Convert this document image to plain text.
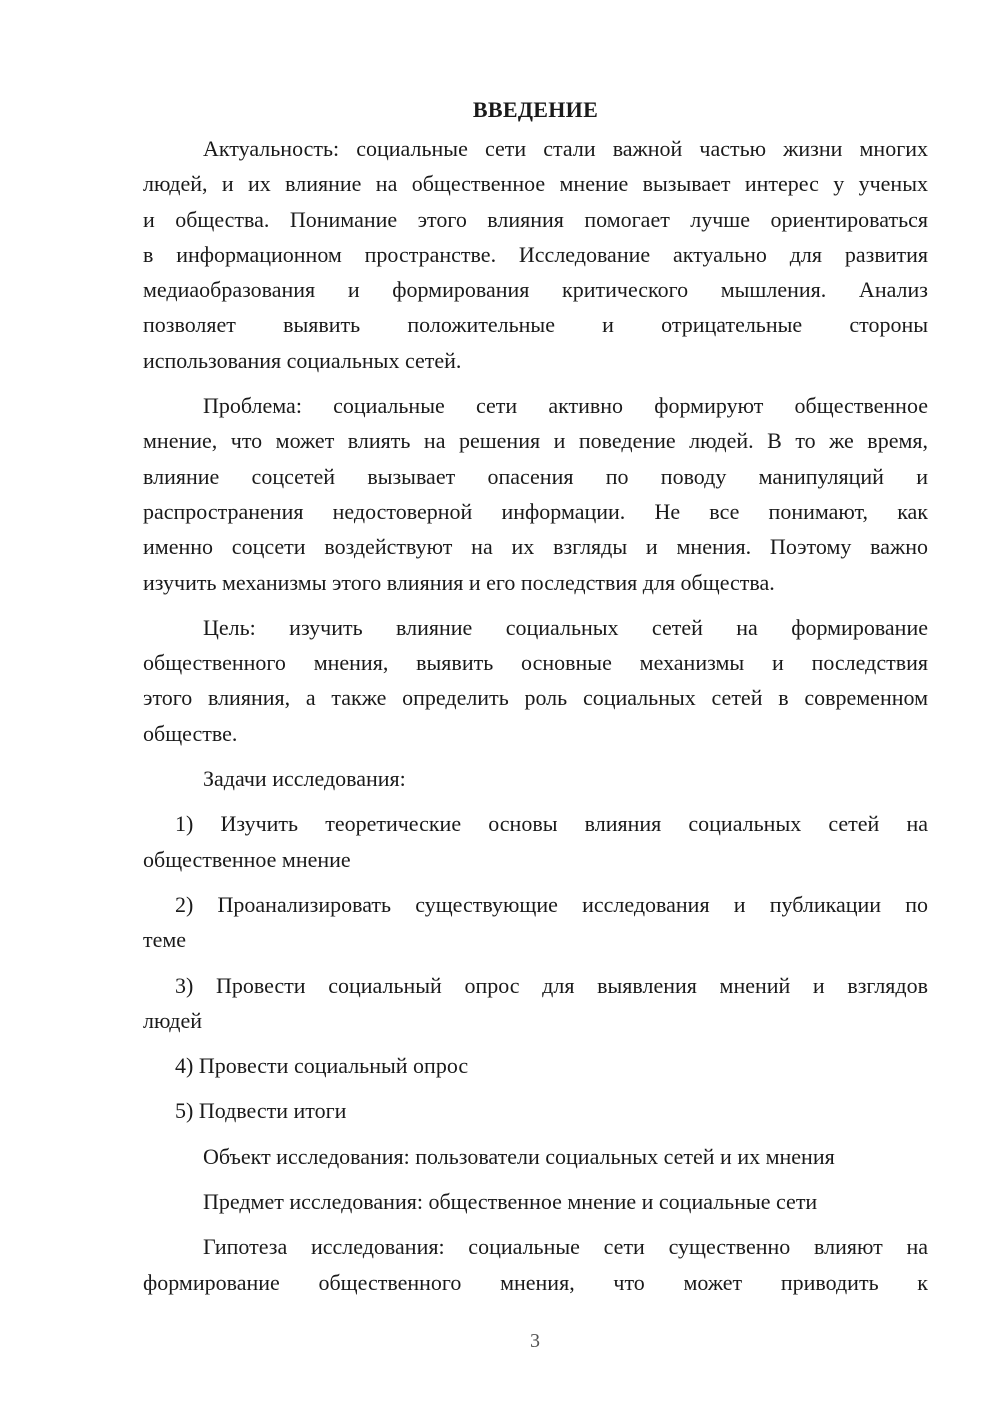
ВВЕДЕНИЕ
Актуальность: социальные сети стали важной частью жизни многих
людей, и их влияние на общественное мнение вызывает интерес у ученых
и общества. Понимание этого влияния помогает лучше ориентироваться
в информационном пространстве. Исследование актуально для развития
медиаобразования и формирования критического мышления. Анализ
позволяет выявить положительные и отрицательные стороны
использования социальных сетей.
Проблема: социальные сети активно формируют общественное
мнение, что может влиять на решения и поведение людей. В то же время,
влияние соцсетей вызывает опасения по поводу манипуляций и
распространения недостоверной информации. Не все понимают, как
именно соцсети воздействуют на их взгляды и мнения. Поэтому важно
изучить механизмы этого влияния и его последствия для общества.
Цель: изучить влияние социальных сетей на формирование
общественного мнения, выявить основные механизмы и последствия
этого влияния, а также определить роль социальных сетей в современном
обществе.
Задачи исследования:
1) Изучить теоретические основы влияния социальных сетей на
общественное мнение
2) Проанализировать существующие исследования и публикации по
теме
3) Провести социальный опрос для выявления мнений и взглядов
людей
4) Провести социальный опрос
5) Подвести итоги
Объект исследования: пользователи социальных сетей и их мнения
Предмет исследования: общественное мнение и социальные сети
Гипотеза исследования: социальные сети существенно влияют на
формирование общественного мнения, что может приводить к
3
